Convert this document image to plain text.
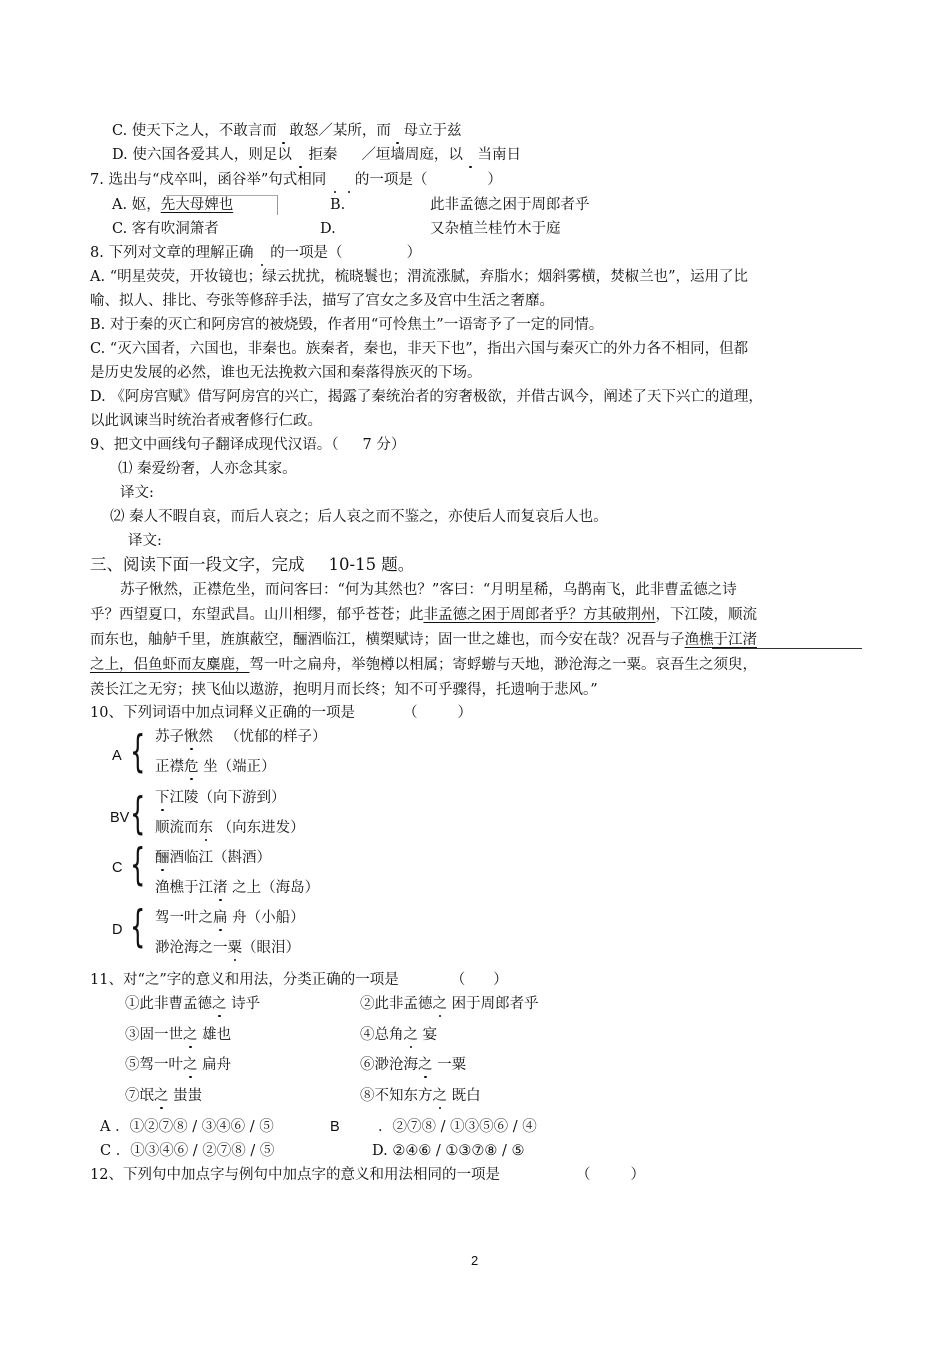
C. 使天下之人，不敢言而 敢怒／某所，而 母立于兹
D. 使六国各爱其人，则足以 拒秦 ／垣墙周庭，以 当南日
7. 选出与“戍卒叫，函谷举”句式相同 的一项是（	）
A. 妪，先大母婢也	B.	此非孟德之困于周郎者乎
C. 客有吹洞箫者	D.	又杂植兰桂竹木于庭
8. 下列对文章的理解正确 的一项是（	）
A. “明星荧荧，开妆镜也；绿云扰扰，梳晓鬟也；渭流涨腻，弃脂水；烟斜雾横，焚椒兰也”，运用了比
喻、拟人、排比、夸张等修辞手法，描写了宫女之多及宫中生活之奢靡。
B. 对于秦的灭亡和阿房宫的被烧毁，作者用“可怜焦土”一语寄予了一定的同情。
C. “灭六国者，六国也，非秦也。族秦者，秦也，非天下也”，指出六国与秦灭亡的外力各不相同，但都
是历史发展的必然，谁也无法挽救六国和秦落得族灭的下场。
D. 《阿房宫赋》借写阿房宫的兴亡，揭露了秦统治者的穷奢极欲，并借古讽今，阐述了天下兴亡的道理，
以此讽谏当时统治者戒奢修行仁政。
9、把文中画线句子翻译成现代汉语。（ 7 分）
⑴ 秦爱纷奢，人亦念其家。
译文:
⑵ 秦人不暇自哀，而后人哀之；后人哀之而不鉴之，亦使后人而复哀后人也。
译文:
三、阅读下面一段文字，完成 10-15 题。
苏子愀然，正襟危坐，而问客曰：“何为其然也？”客曰：“月明星稀，乌鹊南飞，此非曹孟德之诗
乎？西望夏口，东望武昌。山川相缪，郁乎苍苍；此非孟德之困于周郎者乎？方其破荆州，下江陵，顺流
而东也，舳舻千里，旌旗蔽空，酾酒临江，横槊赋诗；固一世之雄也，而今安在哉？况吾与子渔樵于江渚
之上，侣鱼虾而友麋鹿，驾一叶之扁舟，举匏樽以相属；寄蜉蝣与天地，渺沧海之一粟。哀吾生之须臾，
羡长江之无穷；挟飞仙以遨游，抱明月而长终；知不可乎骤得，托遗响于悲风。”
10、下列词语中加点词释义正确的一项是	（	）
A { 苏子愀然 （忧郁的样子）
正襟危 坐（端正）
BV { 下江陵（向下游到）
顺流而东 （向东进发）
C { 酾酒临江（斟酒）
渔樵于江渚 之上（海岛）
D { 驾一叶之扁 舟（小船）
渺沧海之一粟（眼泪）
11、对“之”字的意义和用法，分类正确的一项是	（ ）
①此非曹孟德之 诗乎	②此非孟德之 困于周郎者乎
③固一世之 雄也	④总角之 宴
⑤驾一叶之 扁舟	⑥渺沧海之 一粟
⑦氓之 蚩蚩	⑧不知东方之 既白
A ．①②⑦⑧ / ③④⑥ / ⑤	B	．②⑦⑧ / ①③⑤⑥ / ④
C ．①③④⑥ / ②⑦⑧ / ⑤	D. ②④⑥ / ①③⑦⑧ / ⑤
12、下列句中加点字与例句中加点字的意义和用法相同的一项是	（	）
2
